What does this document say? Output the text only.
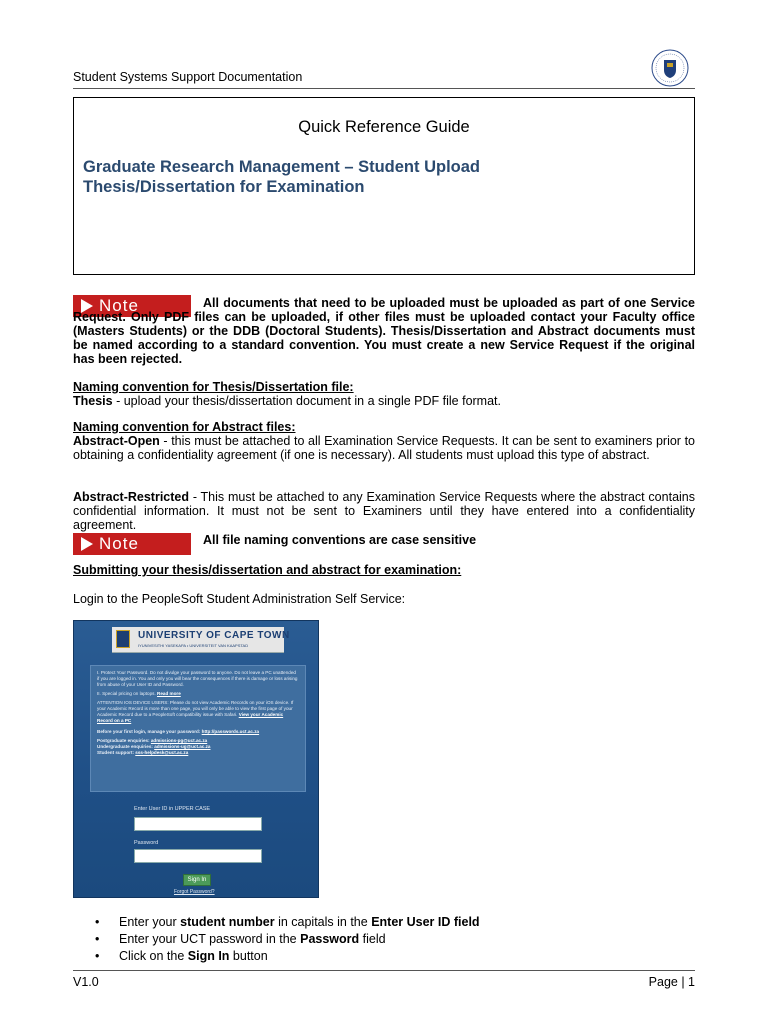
Student Systems Support Documentation
Quick Reference Guide
Graduate Research Management – Student Upload
Thesis/Dissertation for Examination
Note	All documents that need to be uploaded must be uploaded as part of one Service Request. Only PDF files can be uploaded, if other files must be uploaded contact your Faculty office (Masters Students) or the DDB (Doctoral Students). Thesis/Dissertation and Abstract documents must be named according to a standard convention. You must create a new Service Request if the original has been rejected.
Naming convention for Thesis/Dissertation file:
Thesis - upload your thesis/dissertation document in a single PDF file format.
Naming convention for Abstract files:
Abstract-Open - this must be attached to all Examination Service Requests. It can be sent to examiners prior to obtaining a confidentiality agreement (if one is necessary). All students must upload this type of abstract.
Abstract-Restricted - This must be attached to any Examination Service Requests where the abstract contains confidential information. It must not be sent to Examiners until they have entered into a confidentiality agreement.
Note	All file naming conventions are case sensitive
Submitting your thesis/dissertation and abstract for examination:
Login to the PeopleSoft Student Administration Self Service:
UNIVERSITY OF CAPE TOWN
IYUNIVESITHI YASEKAPA • UNIVERSITEIT VAN KAAPSTAD

I. Protect Your Password. Do not divulge your password to anyone. Do not leave a PC unattended if you are logged in. You and only you will bear the consequences if there is damage or loss arising from abuse of your User ID and Password.

II. Special pricing on laptops. Read more

ATTENTION IOS DEVICE USERS: Please do not view Academic Records on your iOS device. If your Academic Record is more than one page, you will only be able to view the first page of your Academic Record due to a PeopleSoft compatibility issue with Safari. View your Academic Record on a PC

Before your first login, manage your password: http://passwords.uct.ac.za

Postgraduate enquiries: admissions-pg@uct.ac.za
Undergraduate enquiries: admissions-ug@uct.ac.za
Student support: sss-helpdesk@uct.ac.za
Enter User ID in UPPER CASE
Password
Sign In
Forgot Password?
• Enter your student number in capitals in the Enter User ID field
• Enter your UCT password in the Password field
• Click on the Sign In button
V1.0	Page | 1
